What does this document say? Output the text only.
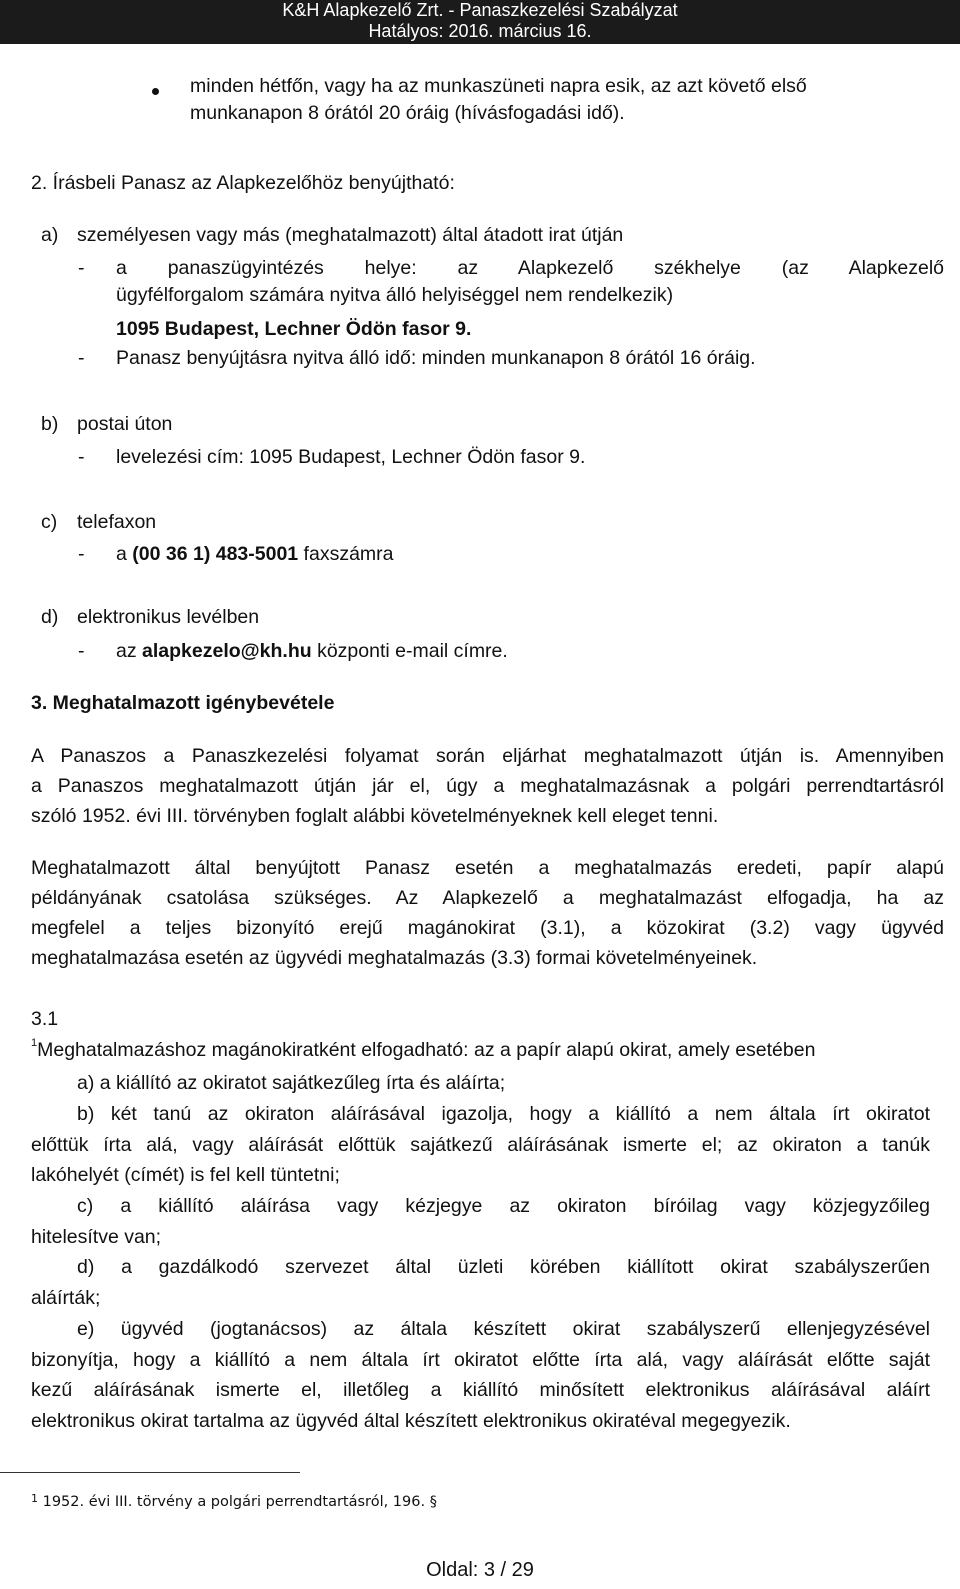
K&H Alapkezelő Zrt. - Panaszkezelési Szabályzat
Hatályos: 2016. március 16.
minden hétfőn, vagy ha az munkaszüneti napra esik, az azt követő első
munkanapon 8 órától 20 óráig (hívásfogadási idő).
2. Írásbeli Panasz az Alapkezelőhöz benyújtható:
a) személyesen vagy más (meghatalmazott) által átadott irat útján
- a panaszügyintézés helye: az Alapkezelő székhelye (az Alapkezelő
ügyfélforgalom számára nyitva álló helyiséggel nem rendelkezik)
1095 Budapest, Lechner Ödön fasor 9.
- Panasz benyújtásra nyitva álló idő: minden munkanapon 8 órától 16 óráig.
b) postai úton
- levelezési cím: 1095 Budapest, Lechner Ödön fasor 9.
c) telefaxon
- a (00 36 1) 483-5001 faxszámra
d) elektronikus levélben
- az alapkezelo@kh.hu központi e-mail címre.
3. Meghatalmazott igénybevétele
A Panaszos a Panaszkezelési folyamat során eljárhat meghatalmazott útján is. Amennyiben
a Panaszos meghatalmazott útján jár el, úgy a meghatalmazásnak a polgári perrendtartásról
szóló 1952. évi III. törvényben foglalt alábbi követelményeknek kell eleget tenni.
Meghatalmazott által benyújtott Panasz esetén a meghatalmazás eredeti, papír alapú
példányának csatolása szükséges. Az Alapkezelő a meghatalmazást elfogadja, ha az
megfelel a teljes bizonyító erejű magánokirat (3.1), a közokirat (3.2) vagy ügyvéd
meghatalmazása esetén az ügyvédi meghatalmazás (3.3) formai követelményeinek.
3.1
$^1$Meghatalmazáshoz magánokiratként elfogadható: az a papír alapú okirat, amely esetében
a) a kiállító az okiratot sajátkezűleg írta és aláírta;
b) két tanú az okiraton aláírásával igazolja, hogy a kiállító a nem általa írt okiratot
előttük írta alá, vagy aláírását előttük sajátkezű aláírásának ismerte el; az okiraton a tanúk
lakóhelyét (címét) is fel kell tüntetni;
c) a kiállító aláírása vagy kézjegye az okiraton bíróilag vagy közjegyzőileg
hitelesítve van;
d) a gazdálkodó szervezet által üzleti körében kiállított okirat szabályszerűen
aláírták;
e) ügyvéd (jogtanácsos) az általa készített okirat szabályszerű ellenjegyzésével
bizonyítja, hogy a kiállító a nem általa írt okiratot előtte írta alá, vagy aláírását előtte saját
kezű aláírásának ismerte el, illetőleg a kiállító minősített elektronikus aláírásával aláírt
elektronikus okirat tartalma az ügyvéd által készített elektronikus okiratéval megegyezik.
$^1$ 1952. évi III. törvény a polgári perrendtartásról, 196. §
Oldal: 3 / 29
